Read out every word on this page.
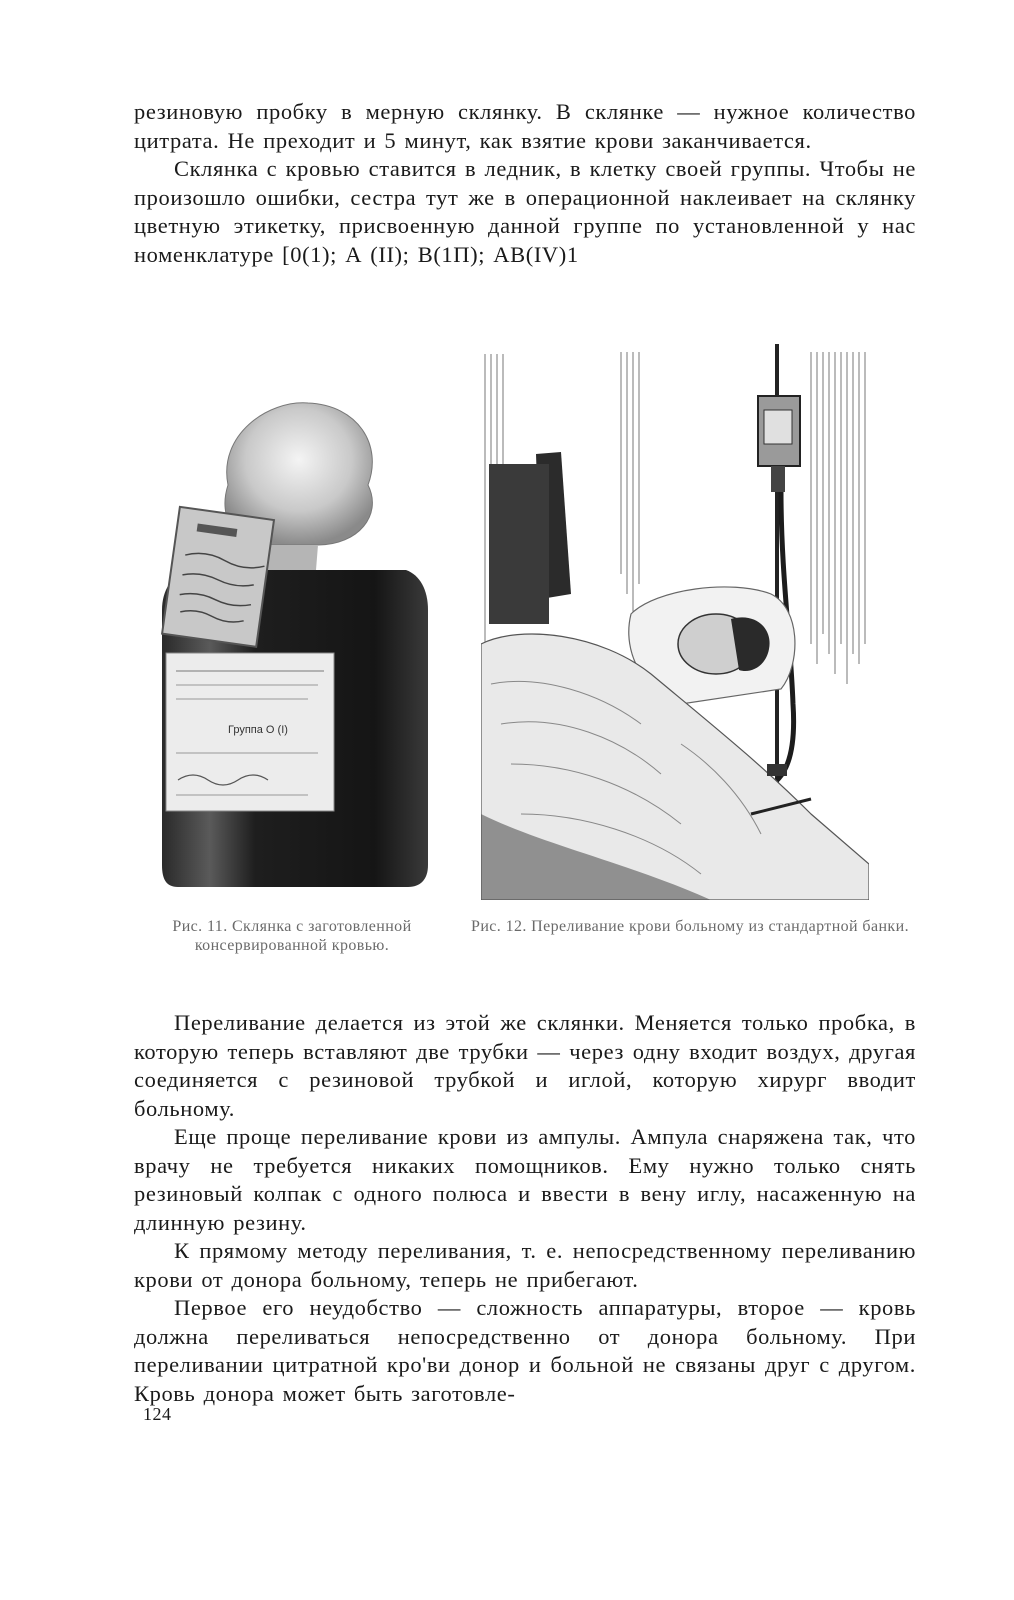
резиновую пробку в мерную склянку. В склянке — нужное количество цитрата. Не преходит и 5 минут, как взятие крови заканчивается.

Склянка с кровью ставится в ледник, в клетку своей группы. Чтобы не произошло ошибки, сестра тут же в операционной наклеивает на склянку цветную этикетку, присвоенную данной группе по установленной у нас номенклатуре [0(1); А (II); В(1П); АВ(IV)1

Группа О (I)
Рис. 11. Склянка с заготовленной консервированной кровью.
Рис. 12. Переливание крови больному из стандартной банки.

Переливание делается из этой же склянки. Меняется только пробка, в которую теперь вставляют две трубки — через одну входит воздух, другая соединяется с резиновой трубкой и иглой, которую хирург вводит больному.

Еще проще переливание крови из ампулы. Ампула снаряжена так, что врачу не требуется никаких помощников. Ему нужно только снять резиновый колпак с одного полюса и ввести в вену иглу, насаженную на длинную резину.

К прямому методу переливания, т. е. непосредственному переливанию крови от донора больному, теперь не прибегают.

Первое его неудобство — сложность аппаратуры, второе — кровь должна переливаться непосредственно от донора больному. При переливании цитратной кро'ви донор и больной не связаны друг с другом. Кровь донора может быть заготовле-

124
